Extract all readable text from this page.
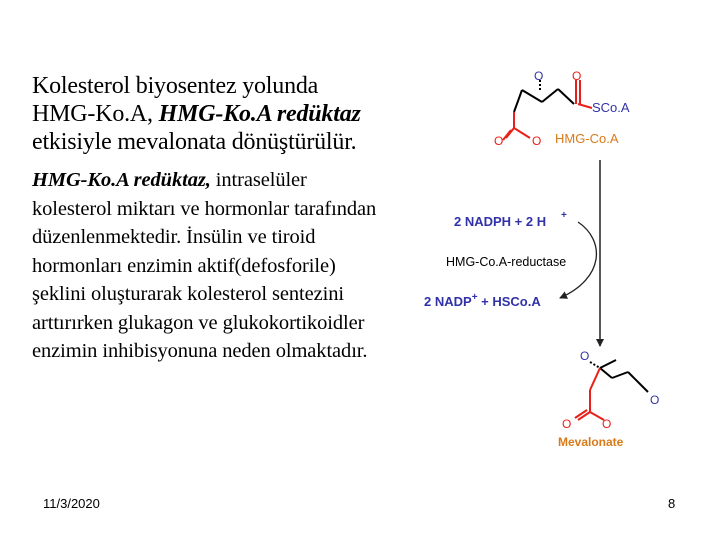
Kolesterol biyosentez yolunda HMG-Ko.A, HMG-Ko.A redüktaz etkisiyle mevalonata dönüştürülür.

HMG-Ko.A redüktaz, intraselüler kolesterol miktarı ve hormonlar tarafından düzenlenmektedir. İnsülin ve tiroid hormonları enzimin aktif(defosforile) şeklini oluşturarak kolesterol sentezini arttırırken glukagon ve glukokortikoidler enzimin inhibisyonuna neden olmaktadır.

O O
SCo.A
O O HMG-Co.A
2 NADPH + 2 H +
HMG-Co.A-reductase
2 NADP+ + HSCo.A
O
O
O	O
Mevalonate
11/3/2020	8
